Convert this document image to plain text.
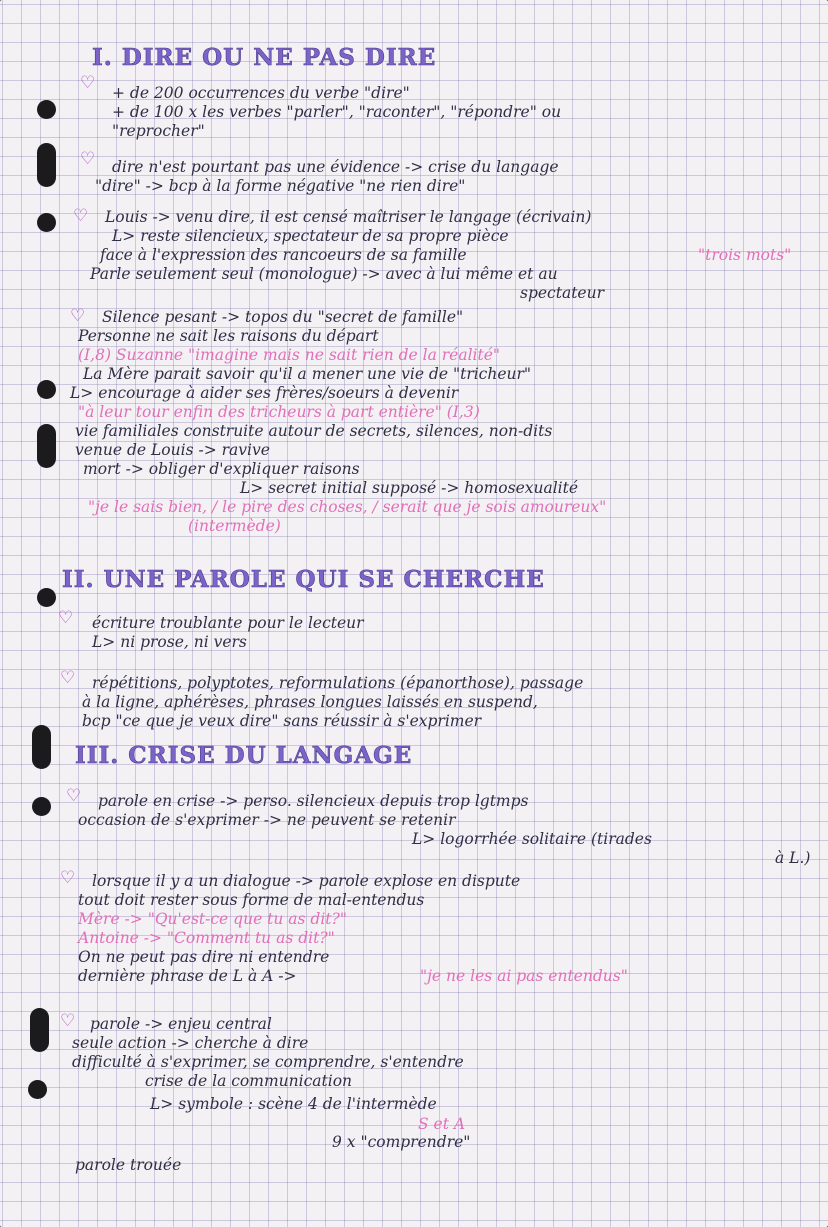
I. DIRE OU NE PAS DIRE
♡ + de 200 occurrences du verbe "dire"
+ de 100 x les verbes "parler", "raconter", "répondre" ou
"reprocher"
♡ dire n'est pourtant pas une évidence -> crise du langage
"dire" -> bcp à la forme négative "ne rien dire"
♡ Louis -> venu dire, il est censé maîtriser le langage (écrivain)
L> reste silencieux, spectateur de sa propre pièce
face à l'expression des rancoeurs de sa famille	"trois mots"
Parle seulement seul (monologue) -> avec à lui même et au
spectateur
♡ Silence pesant -> topos du "secret de famille"
Personne ne sait les raisons du départ
(I,8) Suzanne "imagine mais ne sait rien de la réalité"
La Mère parait savoir qu'il a mener une vie de "tricheur"
L> encourage à aider ses frères/soeurs à devenir
"à leur tour enfin des tricheurs à part entière" (I,3)
vie familiales construite autour de secrets, silences, non-dits
venue de Louis -> ravive
mort -> obliger d'expliquer raisons
L> secret initial supposé -> homosexualité
"je le sais bien, / le pire des choses, / serait que je sois amoureux"
(intermède)
II. UNE PAROLE QUI SE CHERCHE
♡ écriture troublante pour le lecteur
L> ni prose, ni vers
♡ répétitions, polyptotes, reformulations (épanorthose), passage
à la ligne, aphérèses, phrases longues laissés en suspend,
bcp "ce que je veux dire" sans réussir à s'exprimer
III. CRISE DU LANGAGE
♡ parole en crise -> perso. silencieux depuis trop lgtmps
occasion de s'exprimer -> ne peuvent se retenir
L> logorrhée solitaire (tirades
à L.)
♡ lorsque il y a un dialogue -> parole explose en dispute
tout doit rester sous forme de mal-entendus
Mère -> "Qu'est-ce que tu as dit?"
Antoine -> "Comment tu as dit?"
On ne peut pas dire ni entendre
dernière phrase de L à A ->	"je ne les ai pas entendus"
♡ parole -> enjeu central
seule action -> cherche à dire
difficulté à s'exprimer, se comprendre, s'entendre
crise de la communication
L> symbole : scène 4 de l'intermède
S et A
9 x "comprendre"
parole trouée
